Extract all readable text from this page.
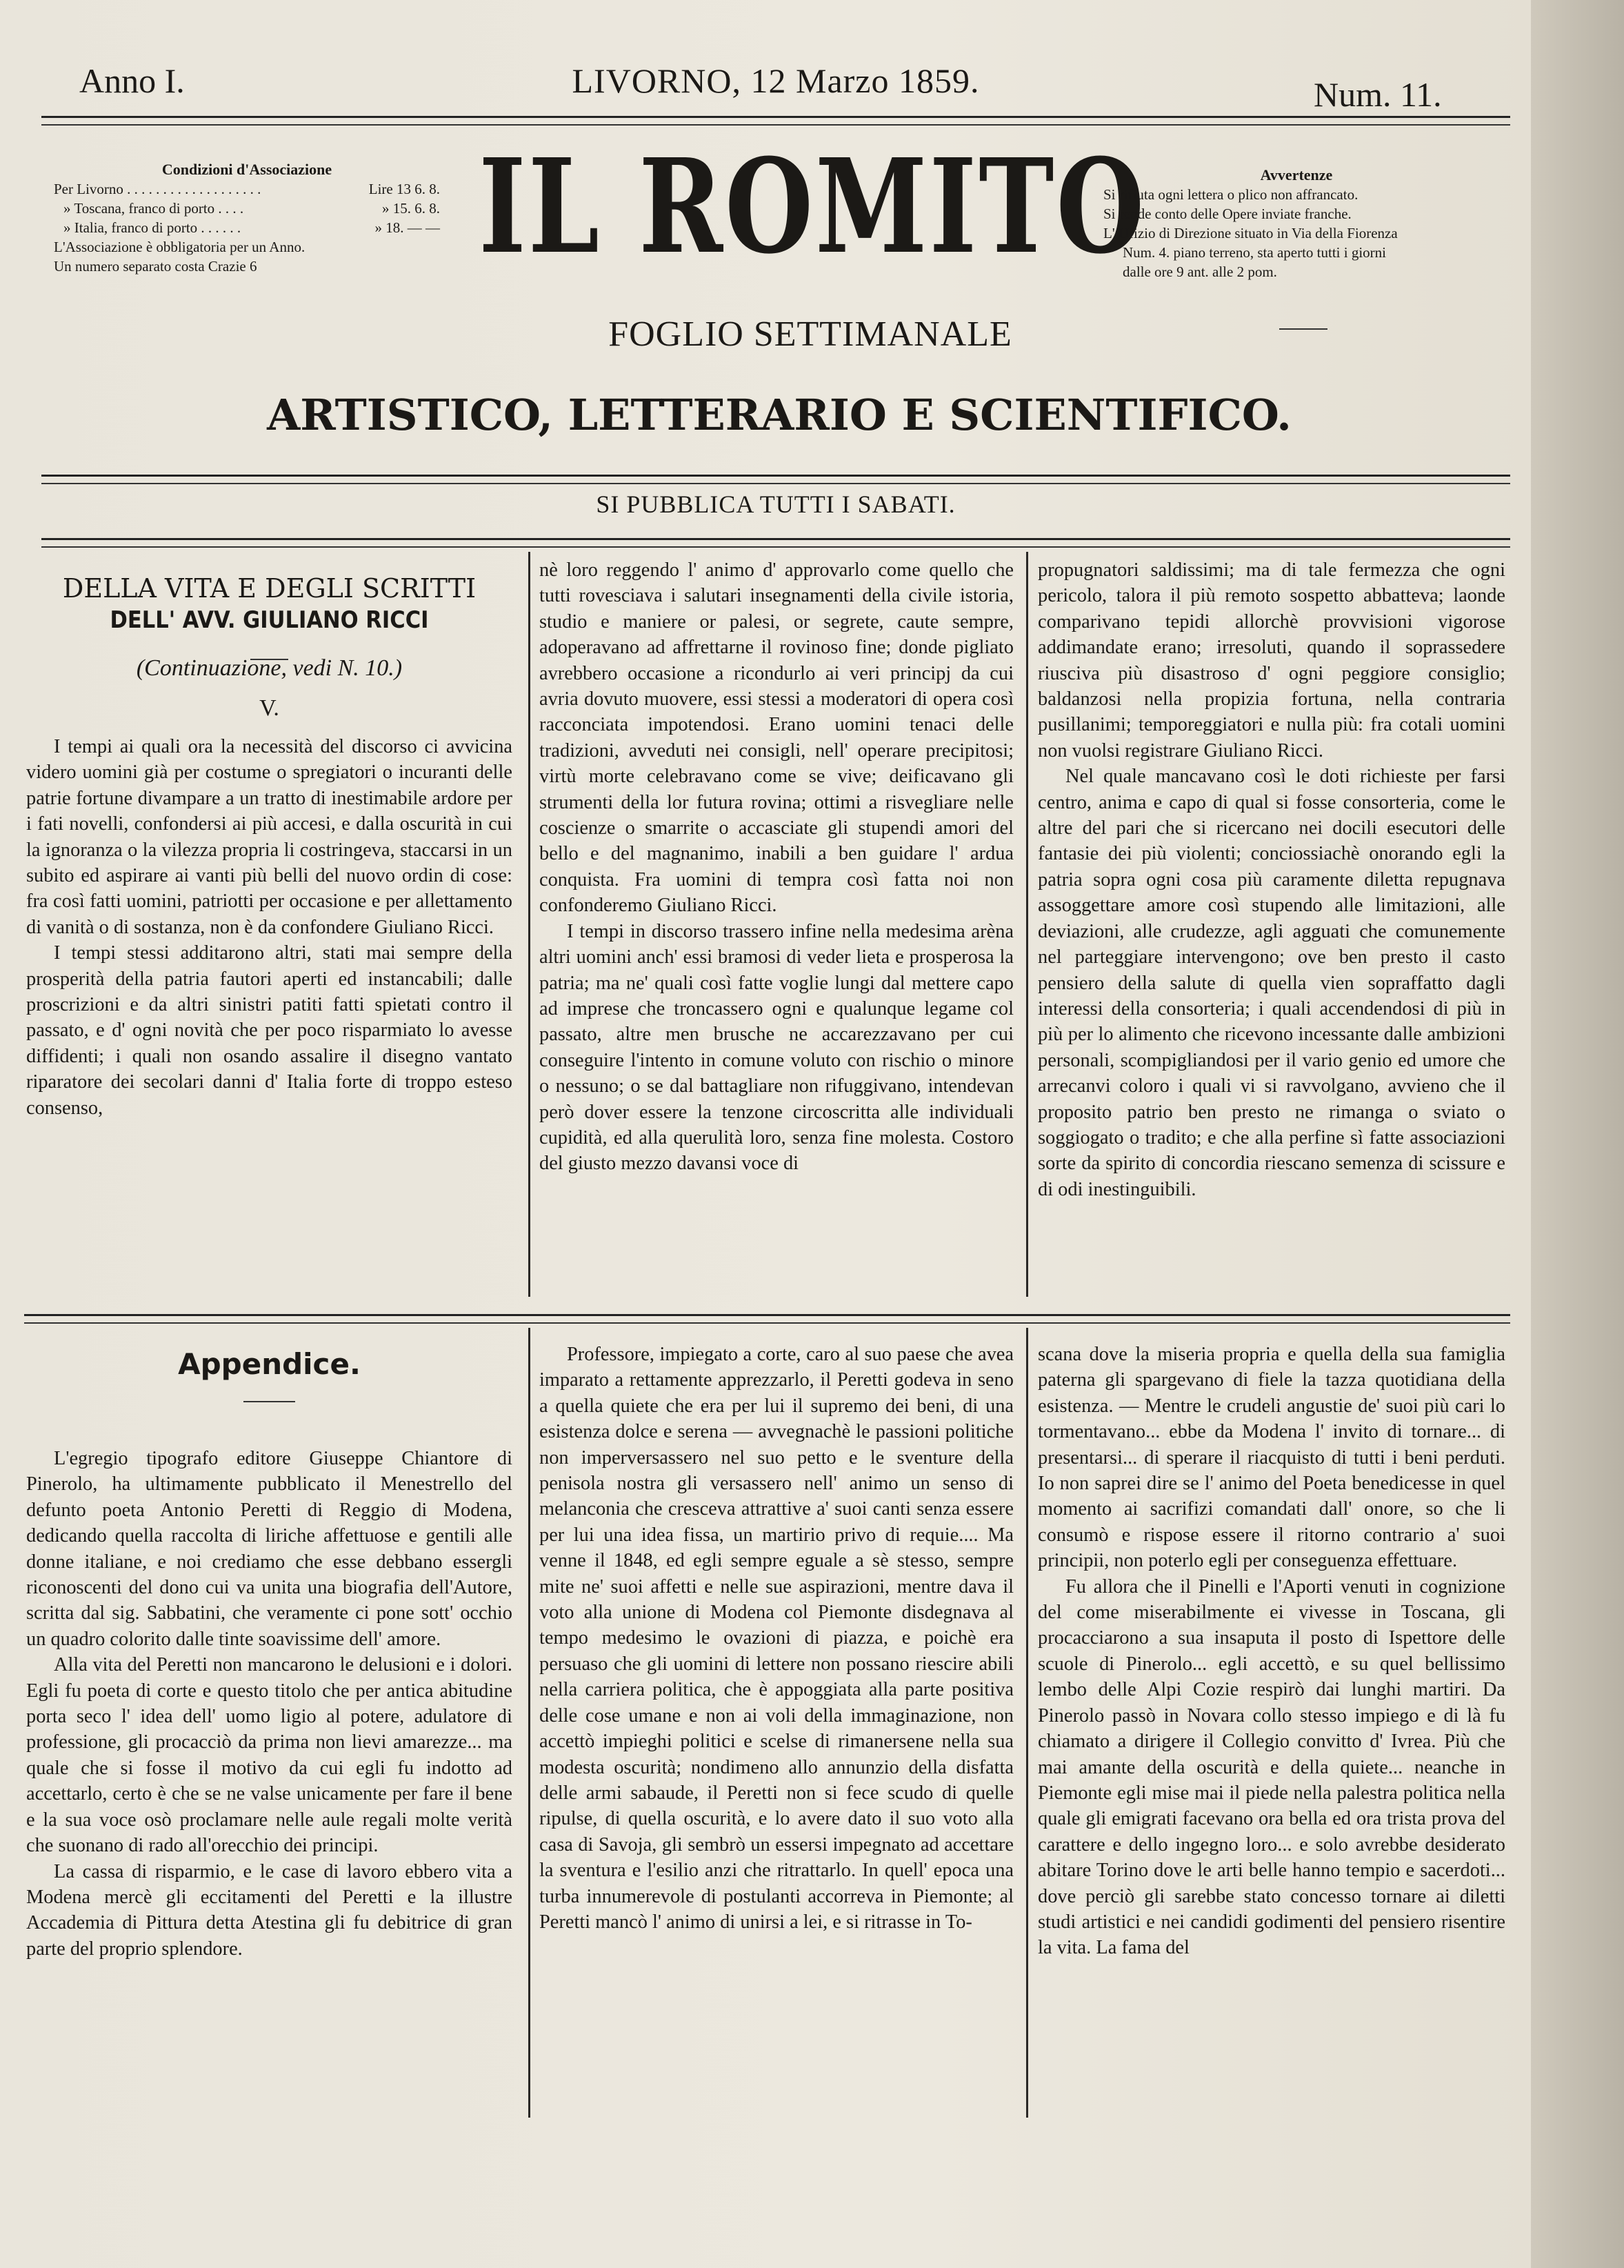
Anno I.	LIVORNO, 12 Marzo 1859.	Num. 11.
Condizioni d'Associazione
Per Livorno . . . . . . . . . . . . . . . . . . .	Lire 13 6. 8.
» Toscana, franco di porto . . . .	» 15. 6. 8.
» Italia, franco di porto . . . . . .	» 18. — —
L'Associazione è obbligatoria per un Anno.
Un numero separato costa Crazie 6	IL ROMITO
FOGLIO SETTIMANALE
ARTISTICO, LETTERARIO E SCIENTIFICO.
Avvertenze
Si rifiuta ogni lettera o plico non affrancato.
Si rende conto delle Opere inviate franche.
L' Ufizio di Direzione situato in Via della Fiorenza
Num. 4. piano terreno, sta aperto tutti i giorni
dalle ore 9 ant. alle 2 pom.
SI PUBBLICA TUTTI I SABATI.
DELLA VITA E DEGLI SCRITTI
DELL' AVV. GIULIANO RICCI
(Continuazione, vedi N. 10.)
V.

I tempi ai quali ora la necessità del discorso ci avvicina videro uomini già per costume o spregiatori o incuranti delle patrie fortune divampare a un tratto di inestimabile ardore per i fati novelli, confondersi ai più accesi, e dalla oscurità in cui la ignoranza o la vilezza propria li costringeva, staccarsi in un subito ed aspirare ai vanti più belli del nuovo ordin di cose: fra così fatti uomini, patriotti per occasione e per allettamento di vanità o di sostanza, non è da confondere Giuliano Ricci.

I tempi stessi additarono altri, stati mai sempre della prosperità della patria fautori aperti ed instancabili; dalle proscrizioni e da altri sinistri patiti fatti spietati contro il passato, e d' ogni novità che per poco risparmiato lo avesse diffidenti; i quali non osando assalire il disegno vantato riparatore dei secolari danni d' Italia forte di troppo esteso consenso,

nè loro reggendo l' animo d' approvarlo come quello che tutti rovesciava i salutari insegnamenti della civile istoria, studio e maniere or palesi, or segrete, caute sempre, adoperavano ad affrettarne il rovinoso fine; donde pigliato avrebbero occasione a ricondurlo ai veri principj da cui avria dovuto muovere, essi stessi a moderatori di opera così racconciata impotendosi. Erano uomini tenaci delle tradizioni, avveduti nei consigli, nell' operare precipitosi; virtù morte celebravano come se vive; deificavano gli strumenti della lor futura rovina; ottimi a risvegliare nelle coscienze o smarrite o accasciate gli stupendi amori del bello e del magnanimo, inabili a ben guidare l' ardua conquista. Fra uomini di tempra così fatta noi non confonderemo Giuliano Ricci.

I tempi in discorso trassero infine nella medesima arèna altri uomini anch' essi bramosi di veder lieta e prosperosa la patria; ma ne' quali così fatte voglie lungi dal mettere capo ad imprese che troncassero ogni e qualunque legame col passato, altre men brusche ne accarezzavano per cui conseguire l'intento in comune voluto con rischio o minore o nessuno; o se dal battagliare non rifuggivano, intendevan però dover essere la tenzone circoscritta alle individuali cupidità, ed alla querulità loro, senza fine molesta. Costoro del giusto mezzo davansi voce di

propugnatori saldissimi; ma di tale fermezza che ogni pericolo, talora il più remoto sospetto abbatteva; laonde comparivano tepidi allorchè provvisioni vigorose addimandate erano; irresoluti, quando il soprassedere riusciva più disastroso d' ogni peggiore consiglio; baldanzosi nella propizia fortuna, nella contraria pusillanimi; temporeggiatori e nulla più: fra cotali uomini non vuolsi registrare Giuliano Ricci.

Nel quale mancavano così le doti richieste per farsi centro, anima e capo di qual si fosse consorteria, come le altre del pari che si ricercano nei docili esecutori delle fantasie dei più violenti; conciossiachè onorando egli la patria sopra ogni cosa più caramente diletta repugnava assoggettare amore così stupendo alle limitazioni, alle deviazioni, alle crudezze, agli agguati che comunemente nel parteggiare intervengono; ove ben presto il casto pensiero della salute di quella vien sopraffatto dagli interessi della consorteria; i quali accendendosi di più in più per lo alimento che ricevono incessante dalle ambizioni personali, scompigliandosi per il vario genio ed umore che arrecanvi coloro i quali vi si ravvolgano, avvieno che il proposito patrio ben presto ne rimanga o sviato o soggiogato o tradito; e che alla perfine sì fatte associazioni sorte da spirito di concordia riescano semenza di scissure e di odi inestinguibili.

Appendice.

L'egregio tipografo editore Giuseppe Chiantore di Pinerolo, ha ultimamente pubblicato il Menestrello del defunto poeta Antonio Peretti di Reggio di Modena, dedicando quella raccolta di liriche affettuose e gentili alle donne italiane, e noi crediamo che esse debbano essergli riconoscenti del dono cui va unita una biografia dell'Autore, scritta dal sig. Sabbatini, che veramente ci pone sott' occhio un quadro colorito dalle tinte soavissime dell' amore.

Alla vita del Peretti non mancarono le delusioni e i dolori. Egli fu poeta di corte e questo titolo che per antica abitudine porta seco l' idea dell' uomo ligio al potere, adulatore di professione, gli procacciò da prima non lievi amarezze... ma quale che si fosse il motivo da cui egli fu indotto ad accettarlo, certo è che se ne valse unicamente per fare il bene e la sua voce osò proclamare nelle aule regali molte verità che suonano di rado all'orecchio dei principi.

La cassa di risparmio, e le case di lavoro ebbero vita a Modena mercè gli eccitamenti del Peretti e la illustre Accademia di Pittura detta Atestina gli fu debitrice di gran parte del proprio splendore.

Professore, impiegato a corte, caro al suo paese che avea imparato a rettamente apprezzarlo, il Peretti godeva in seno a quella quiete che era per lui il supremo dei beni, di una esistenza dolce e serena — avvegnachè le passioni politiche non imperversassero nel suo petto e le sventure della penisola nostra gli versassero nell' animo un senso di melanconia che cresceva attrattive a' suoi canti senza essere per lui una idea fissa, un martirio privo di requie.... Ma venne il 1848, ed egli sempre eguale a sè stesso, sempre mite ne' suoi affetti e nelle sue aspirazioni, mentre dava il voto alla unione di Modena col Piemonte disdegnava al tempo medesimo le ovazioni di piazza, e poichè era persuaso che gli uomini di lettere non possano riescire abili nella carriera politica, che è appoggiata alla parte positiva delle cose umane e non ai voli della immaginazione, non accettò impieghi politici e scelse di rimanersene nella sua modesta oscurità; nondimeno allo annunzio della disfatta delle armi sabaude, il Peretti non si fece scudo di quelle ripulse, di quella oscurità, e lo avere dato il suo voto alla casa di Savoja, gli sembrò un essersi impegnato ad accettare la sventura e l'esilio anzi che ritrattarlo. In quell' epoca una turba innumerevole di postulanti accorreva in Piemonte; al Peretti mancò l' animo di unirsi a lei, e si ritrasse in To-

scana dove la miseria propria e quella della sua famiglia paterna gli spargevano di fiele la tazza quotidiana della esistenza. — Mentre le crudeli angustie de' suoi più cari lo tormentavano... ebbe da Modena l' invito di tornare... di presentarsi... di sperare il riacquisto di tutti i beni perduti. Io non saprei dire se l' animo del Poeta benedicesse in quel momento ai sacrifizi comandati dall' onore, so che li consumò e rispose essere il ritorno contrario a' suoi principii, non poterlo egli per conseguenza effettuare.

Fu allora che il Pinelli e l'Aporti venuti in cognizione del come miserabilmente ei vivesse in Toscana, gli procacciarono a sua insaputa il posto di Ispettore delle scuole di Pinerolo... egli accettò, e su quel bellissimo lembo delle Alpi Cozie respirò dai lunghi martiri. Da Pinerolo passò in Novara collo stesso impiego e di là fu chiamato a dirigere il Collegio convitto d' Ivrea. Più che mai amante della oscurità e della quiete... neanche in Piemonte egli mise mai il piede nella palestra politica nella quale gli emigrati facevano ora bella ed ora trista prova del carattere e dello ingegno loro... e solo avrebbe desiderato abitare Torino dove le arti belle hanno tempio e sacerdoti... dove perciò gli sarebbe stato concesso tornare ai diletti studi artistici e nei candidi godimenti del pensiero risentire la vita. La fama del
